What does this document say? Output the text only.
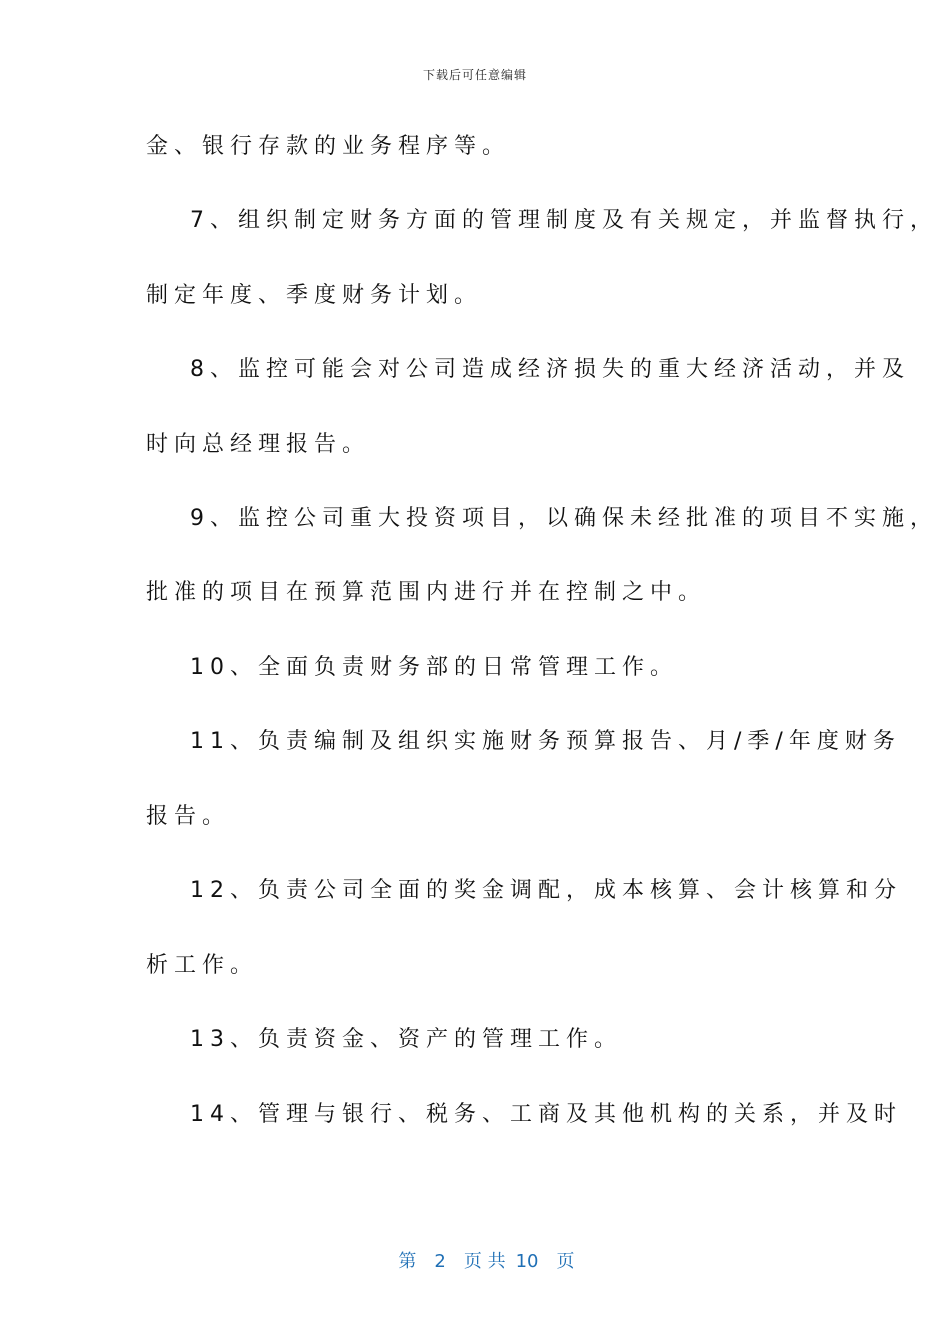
下载后可任意编辑
金、银行存款的业务程序等。
7、组织制定财务方面的管理制度及有关规定，并监督执行，
制定年度、季度财务计划。
8、监控可能会对公司造成经济损失的重大经济活动，并及
时向总经理报告。
9、监控公司重大投资项目，以确保未经批准的项目不实施，
批准的项目在预算范围内进行并在控制之中。
10、全面负责财务部的日常管理工作。
11、负责编制及组织实施财务预算报告、月/季/年度财务
报告。
12、负责公司全面的奖金调配，成本核算、会计核算和分
析工作。
13、负责资金、资产的管理工作。
14、管理与银行、税务、工商及其他机构的关系，并及时

第 2 页 共 10 页
